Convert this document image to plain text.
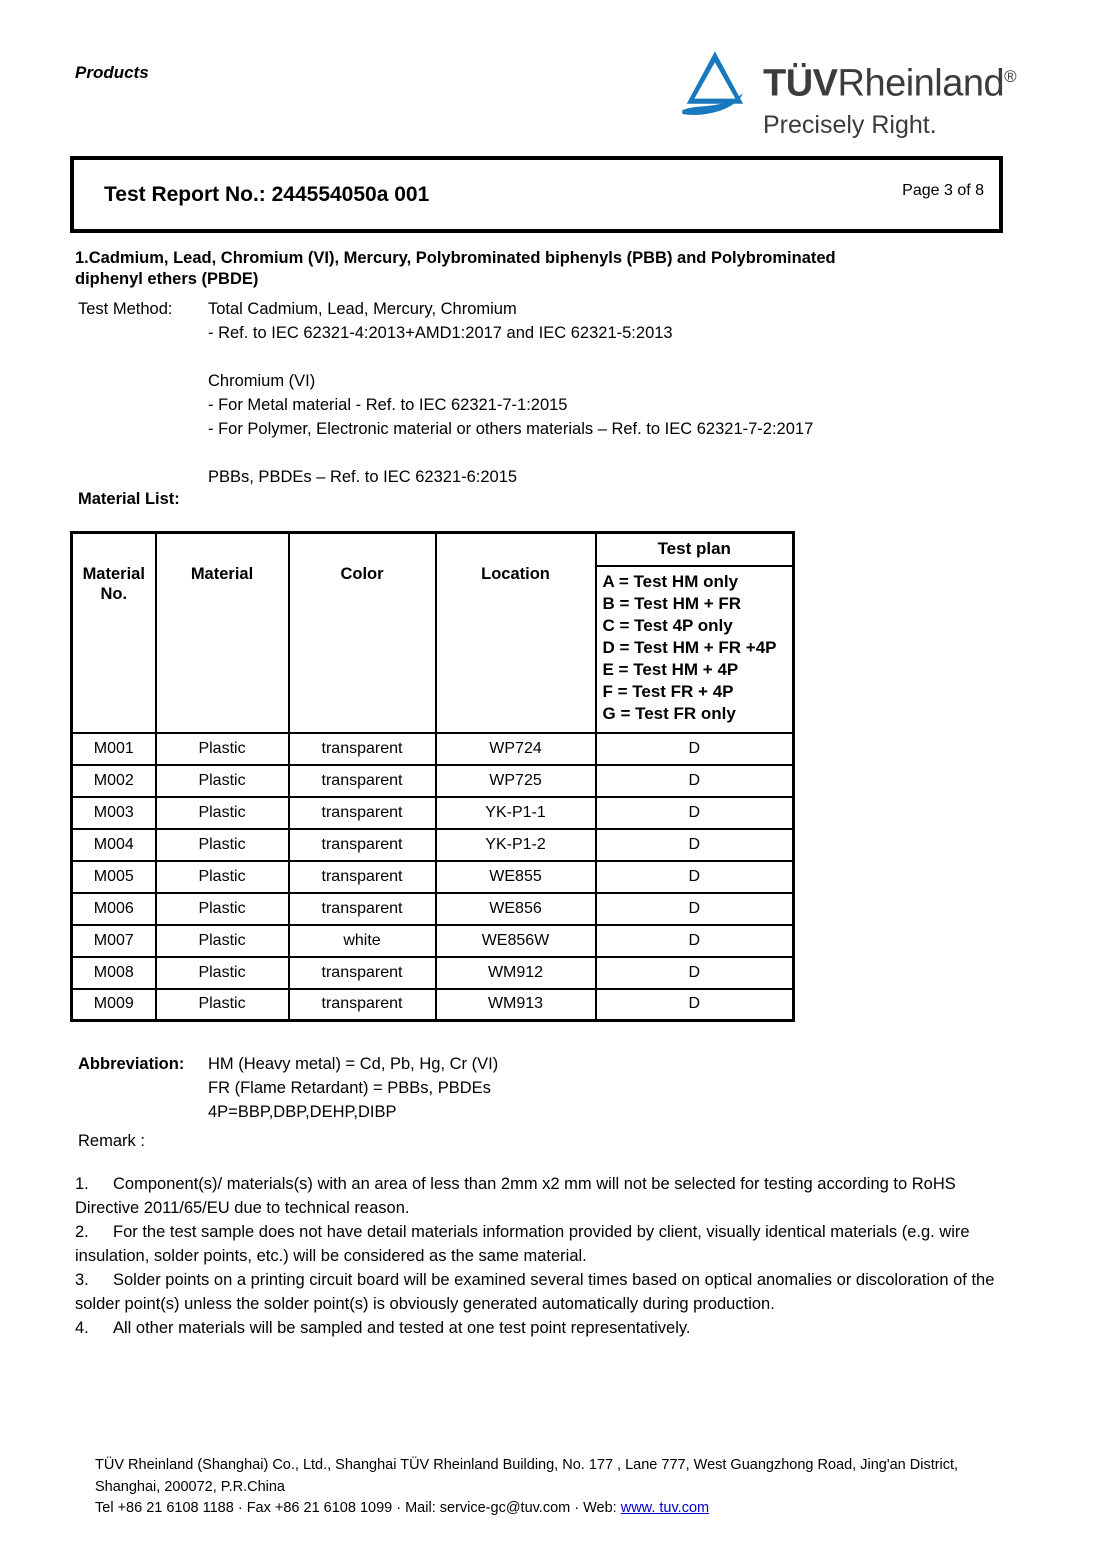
Products	TÜVRheinland®
Precisely Right.
Test Report No.: 244554050a 001	Page 3 of 8
1.Cadmium, Lead, Chromium (VI), Mercury, Polybrominated biphenyls (PBB) and Polybrominated
diphenyl ethers (PBDE)
Test Method:	Total Cadmium, Lead, Mercury, Chromium
- Ref. to IEC 62321-4:2013+AMD1:2017 and IEC 62321-5:2013
Chromium (VI)
- For Metal material - Ref. to IEC 62321-7-1:2015
- For Polymer, Electronic material or others materials – Ref. to IEC 62321-7-2:2017
PBBs, PBDEs – Ref. to IEC 62321-6:2015
Material List:
Material No.	Material	Color	Location	Test plan

A = Test HM only
B = Test HM + FR
C = Test 4P only
D = Test HM + FR +4P
E = Test HM + 4P
F = Test FR + 4P
G = Test FR only

M001	Plastic	transparent	WP724	D
M002	Plastic	transparent	WP725	D
M003	Plastic	transparent	YK-P1-1	D
M004	Plastic	transparent	YK-P1-2	D
M005	Plastic	transparent	WE855	D
M006	Plastic	transparent	WE856	D
M007	Plastic	white	WE856W	D
M008	Plastic	transparent	WM912	D
M009	Plastic	transparent	WM913	D
Abbreviation:	HM (Heavy metal) = Cd, Pb, Hg, Cr (VI)
FR (Flame Retardant) = PBBs, PBDEs
4P=BBP,DBP,DEHP,DIBP
Remark :

1. Component(s)/ materials(s) with an area of less than 2mm x2 mm will not be selected for testing according to RoHS Directive 2011/65/EU due to technical reason.

2. For the test sample does not have detail materials information provided by client, visually identical materials (e.g. wire insulation, solder points, etc.) will be considered as the same material.

3. Solder points on a printing circuit board will be examined several times based on optical anomalies or discoloration of the solder point(s) unless the solder point(s) is obviously generated automatically during production.

4. All other materials will be sampled and tested at one test point representatively.

TÜV Rheinland (Shanghai) Co., Ltd., Shanghai TÜV Rheinland Building, No. 177 , Lane 777, West Guangzhong Road, Jing'an District,
Shanghai, 200072, P.R.China
Tel +86 21 6108 1188 · Fax +86 21 6108 1099 · Mail: service-gc@tuv.com · Web: www. tuv.com
